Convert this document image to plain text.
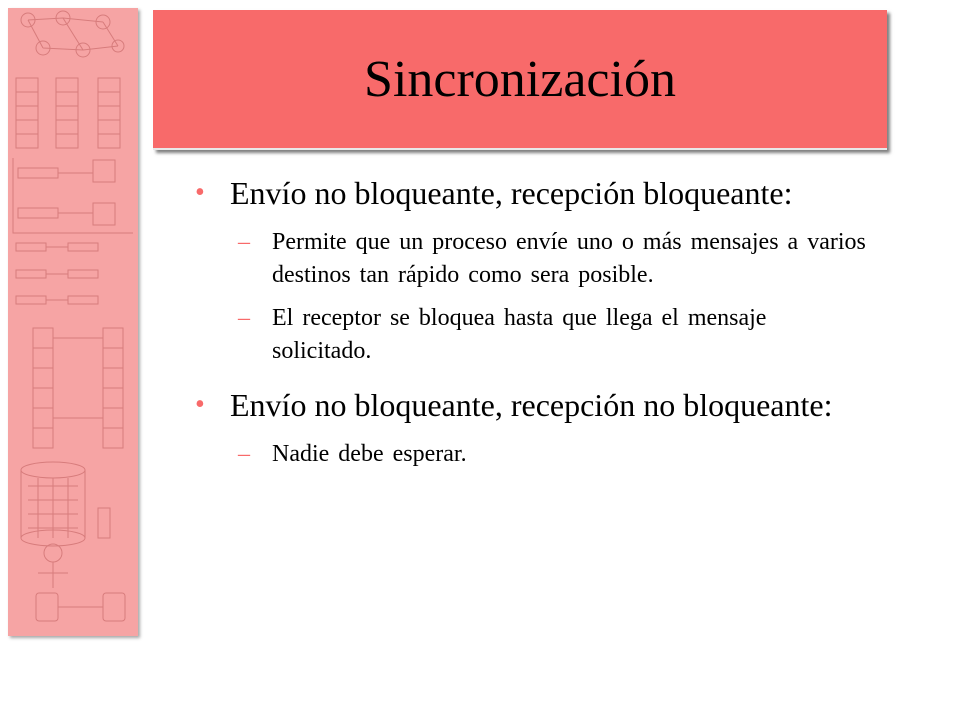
Sincronización
• Envío no bloqueante, recepción bloqueante:
– Permite que un proceso envíe uno o más mensajes a varios destinos tan rápido como sera posible.
– El receptor se bloquea hasta que llega el mensaje solicitado.
• Envío no bloqueante, recepción no bloqueante:
– Nadie debe esperar.
